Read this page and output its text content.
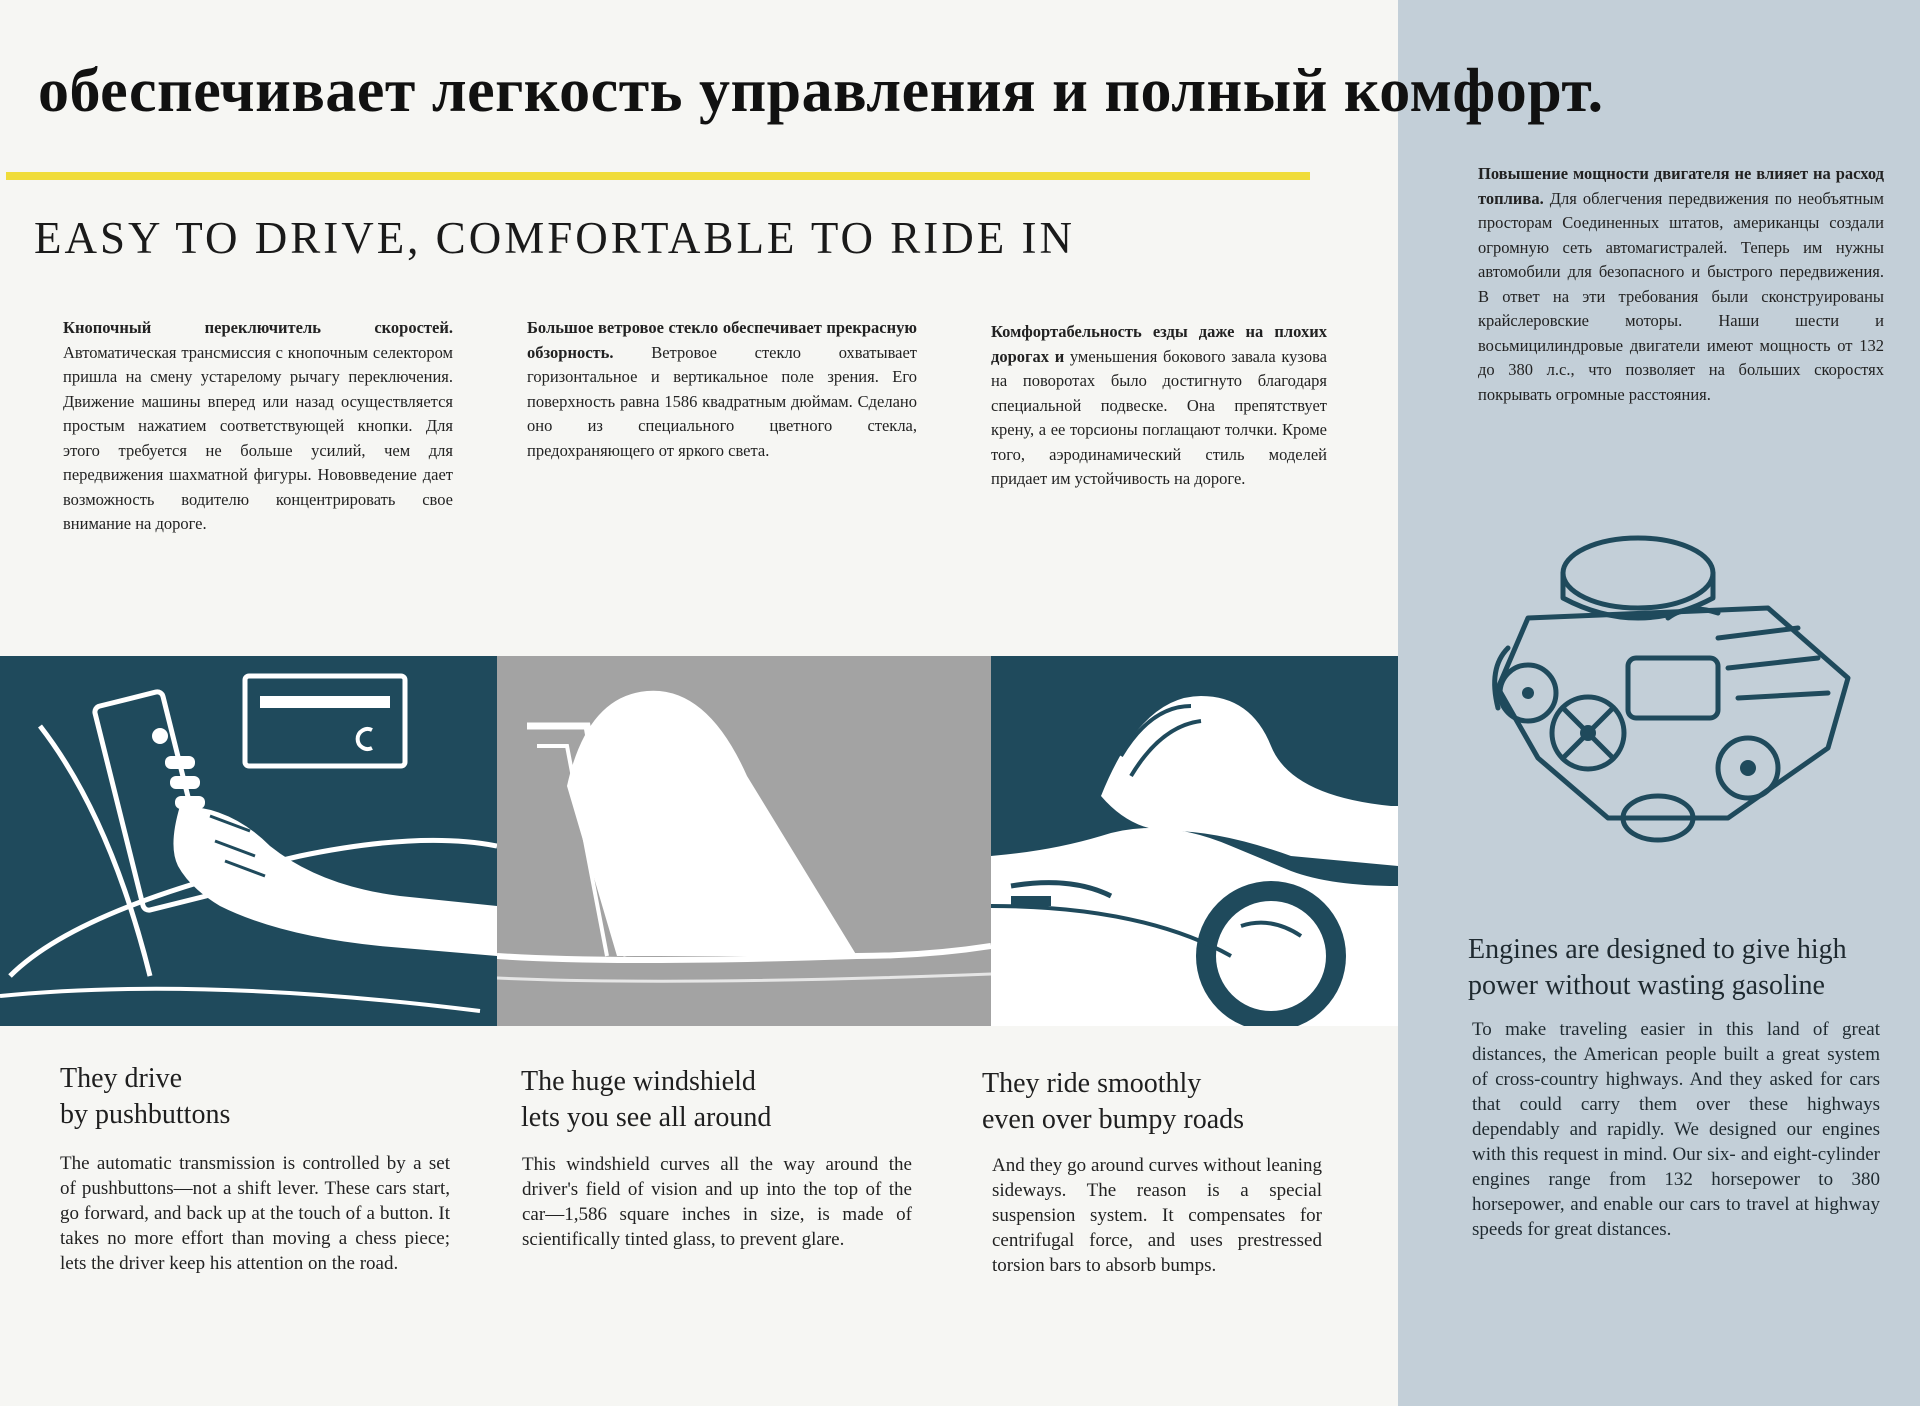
обеспечивает легкость управления и полный комфорт.
EASY TO DRIVE, COMFORTABLE TO RIDE IN
Кнопочный переключитель скоростей. Автоматическая трансмиссия с кнопочным селектором пришла на смену устарелому рычагу переключения. Движение машины вперед или назад осуществляется простым нажатием соответствующей кнопки. Для этого требуется не больше усилий, чем для передвижения шахматной фигуры. Нововведение дает возможность водителю концентрировать свое внимание на дороге.
Большое ветровое стекло обеспечивает прекрасную обзорность. Ветровое стекло охватывает горизонтальное и вертикальное поле зрения. Его поверхность равна 1586 квадратным дюймам. Сделано оно из специального цветного стекла, предохраняющего от яркого света.
Комфортабельность езды даже на плохих дорогах и уменьшения бокового завала кузова на поворотах было достигнуто благодаря специальной подвеске. Она препятствует крену, а ее торсионы поглащают толчки. Кроме того, аэродинамический стиль моделей придает им устойчивость на дороге.
They drive
by pushbuttons
The automatic transmission is controlled by a set of pushbuttons—not a shift lever. These cars start, go forward, and back up at the touch of a button. It takes no more effort than moving a chess piece; lets the driver keep his attention on the road.
The huge windshield
lets you see all around
This windshield curves all the way around the driver's field of vision and up into the top of the car—1,586 square inches in size, is made of scientifically tinted glass, to prevent glare.
They ride smoothly
even over bumpy roads
And they go around curves without leaning sideways. The reason is a special suspension system. It compensates for centrifugal force, and uses prestressed torsion bars to absorb bumps.
Повышение мощности двигателя не влияет на расход топлива. Для облегчения передвижения по необъятным просторам Соединенных штатов, американцы создали огромную сеть автомагистралей. Теперь им нужны автомобили для безопасного и быстрого передвижения. В ответ на эти требования были сконструированы крайслеровские моторы. Наши шести и восьмицилиндровые двигатели имеют мощность от 132 до 380 л.с., что позволяет на больших скоростях покрывать огромные расстояния.
Engines are designed to give high
power without wasting gasoline
To make traveling easier in this land of great distances, the American people built a great system of cross-country highways. And they asked for cars that could carry them over these highways dependably and rapidly. We designed our engines with this request in mind. Our six- and eight-cylinder engines range from 132 horsepower to 380 horsepower, and enable our cars to travel at highway speeds for great distances.
